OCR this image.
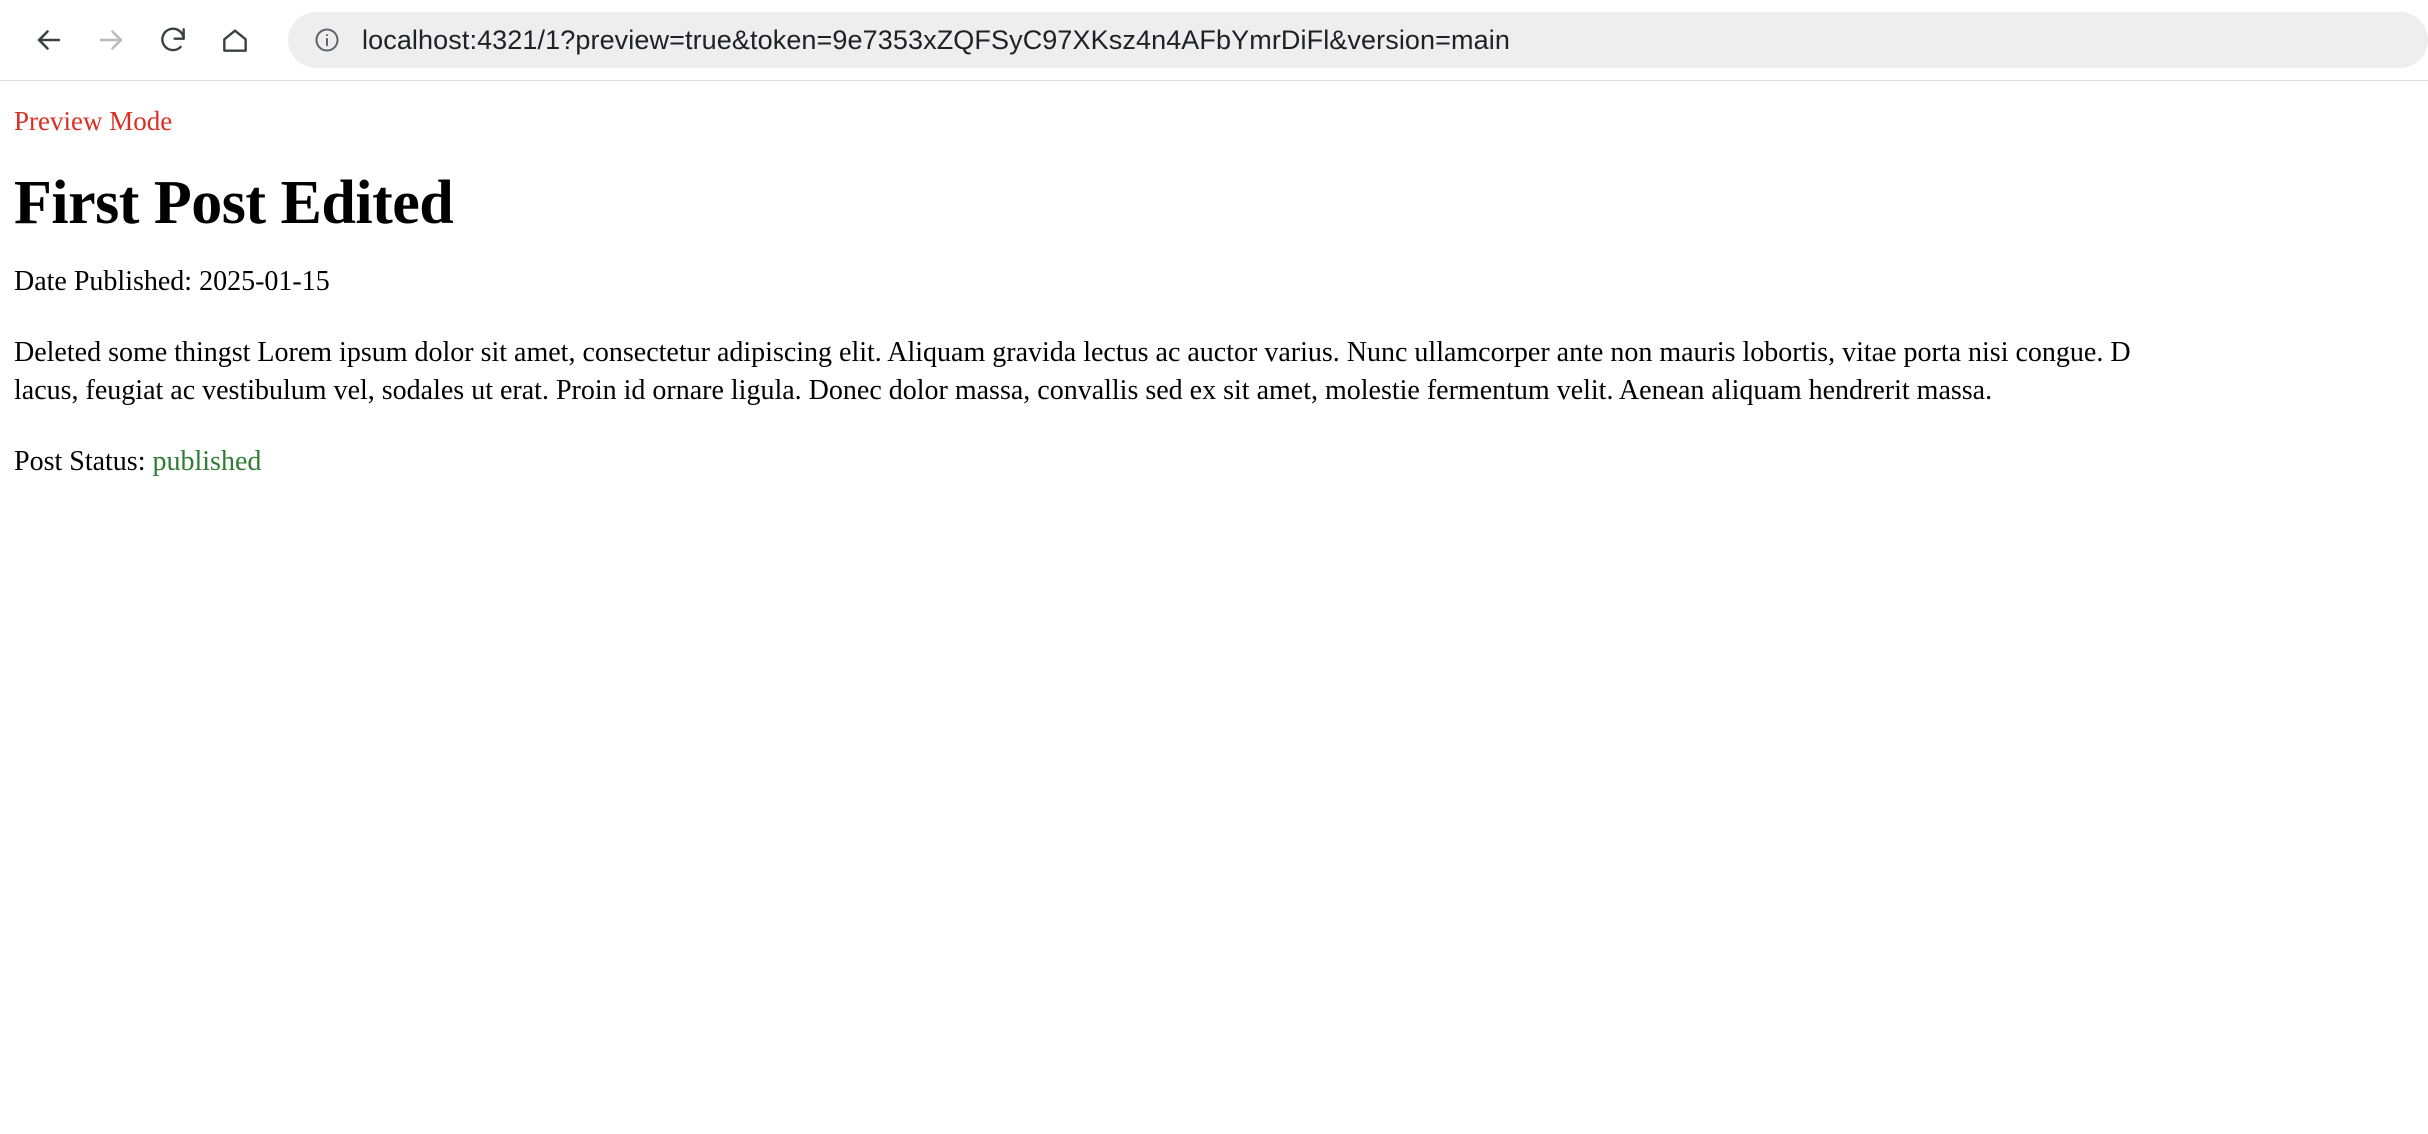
localhost:4321/1?preview=true&token=9e7353xZQFSyC97XKsz4n4AFbYmrDiFl&version=main

Preview Mode

First Post Edited

Date Published: 2025-01-15

Deleted some thingst Lorem ipsum dolor sit amet, consectetur adipiscing elit. Aliquam gravida lectus ac auctor varius. Nunc ullamcorper ante non mauris lobortis, vitae porta nisi congue. D
lacus, feugiat ac vestibulum vel, sodales ut erat. Proin id ornare ligula. Donec dolor massa, convallis sed ex sit amet, molestie fermentum velit. Aenean aliquam hendrerit massa.

Post Status: published
